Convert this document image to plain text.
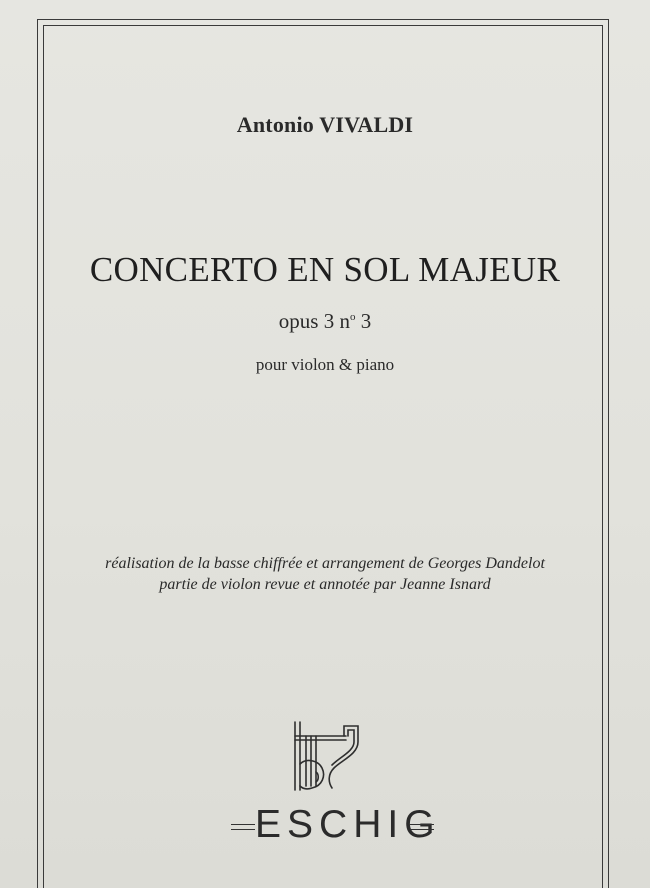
Antonio VIVALDI
CONCERTO EN SOL MAJEUR
opus 3 $n^o$ 3
pour violon & piano
réalisation de la basse chiffrée et arrangement de Georges Dandelot
partie de violon revue et annotée par Jeanne Isnard
ESCHIG
